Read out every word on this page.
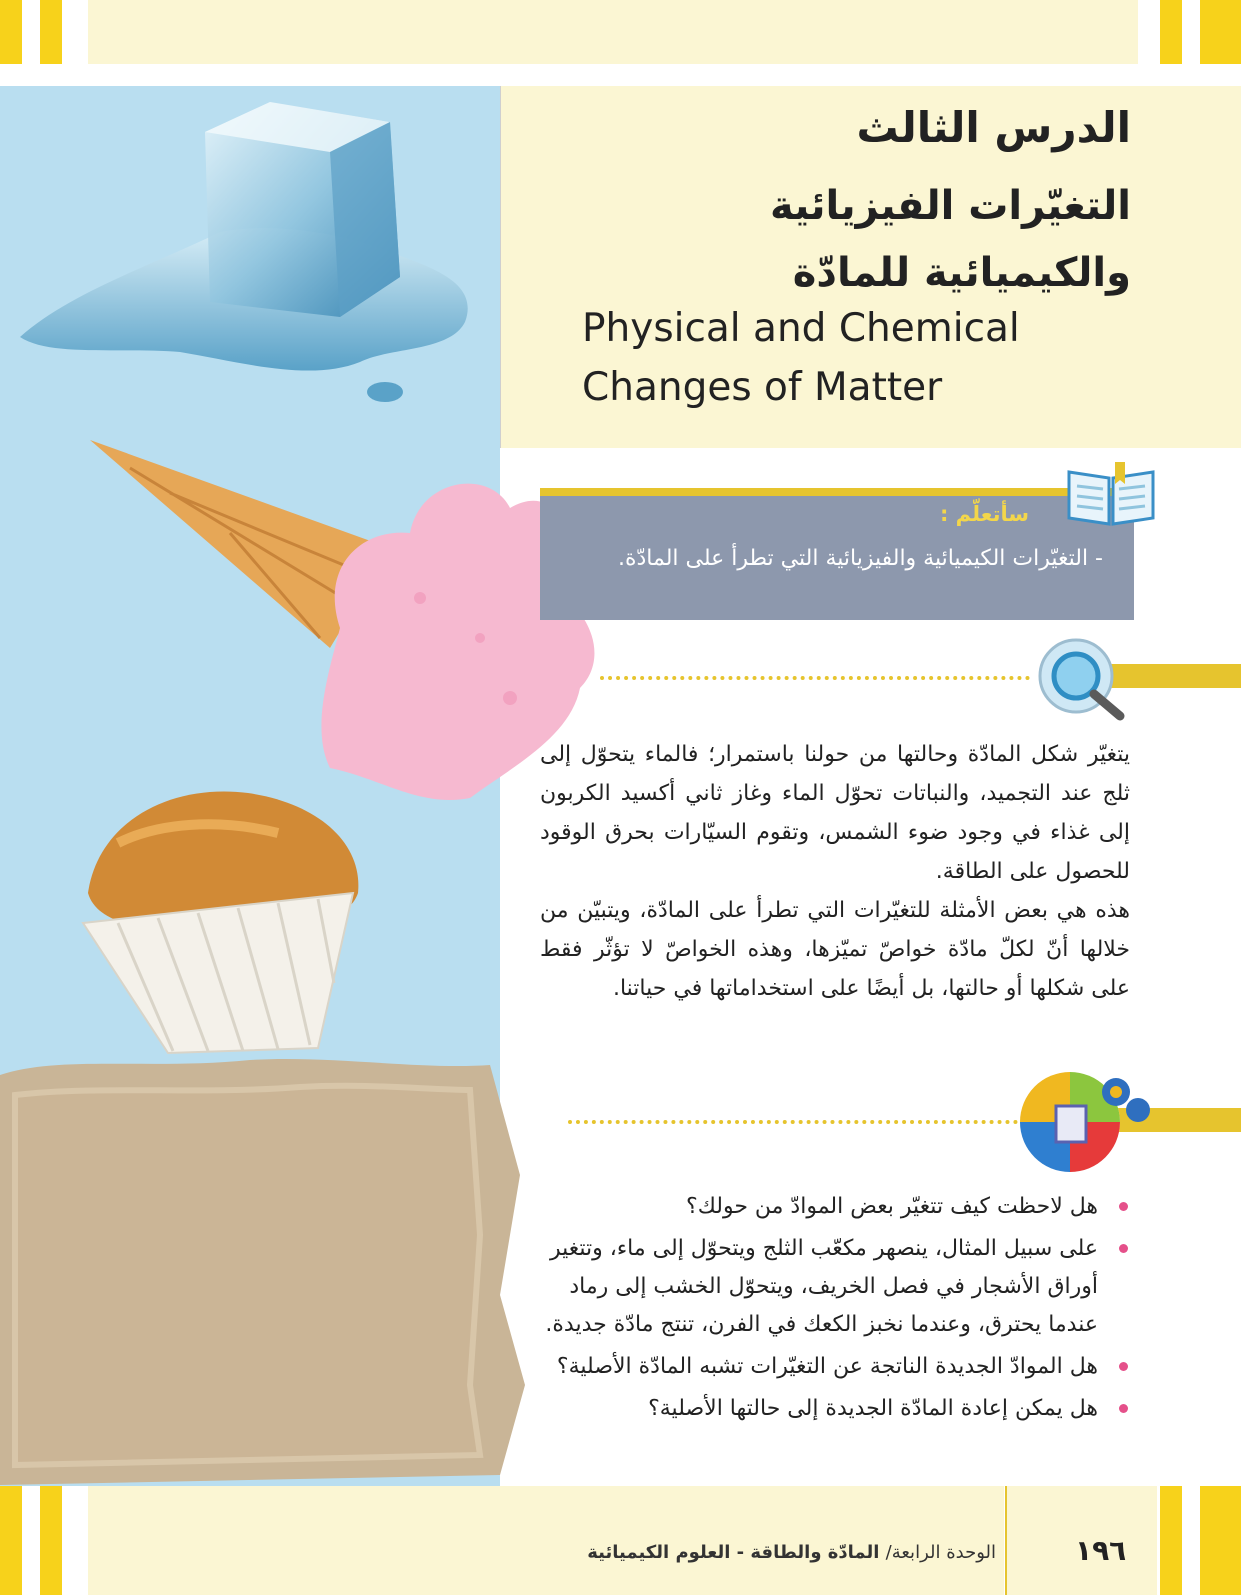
الدرس الثالث
التغيّرات الفيزيائية
والكيميائية للمادّة
Physical and Chemical
Changes of Matter
سأتعلّم :
- التغيّرات الكيميائية والفيزيائية التي تطرأ على المادّة.

يتغيّر شكل المادّة وحالتها من حولنا باستمرار؛ فالماء يتحوّل إلى ثلج عند التجميد، والنباتات تحوّل الماء وغاز ثاني أكسيد الكربون إلى غذاء في وجود ضوء الشمس، وتقوم السيّارات بحرق الوقود للحصول على الطاقة.

هذه هي بعض الأمثلة للتغيّرات التي تطرأ على المادّة، ويتبيّن من خلالها أنّ لكلّ مادّة خواصّ تميّزها، وهذه الخواصّ لا تؤثّر فقط على شكلها أو حالتها، بل أيضًا على استخداماتها في حياتنا.

هل لاحظت كيف تتغيّر بعض الموادّ من حولك؟
على سبيل المثال، ينصهر مكعّب الثلج ويتحوّل إلى ماء، وتتغير أوراق الأشجار في فصل الخريف، ويتحوّل الخشب إلى رماد عندما يحترق، وعندما نخبز الكعك في الفرن، تنتج مادّة جديدة.
هل الموادّ الجديدة الناتجة عن التغيّرات تشبه المادّة الأصلية؟
هل يمكن إعادة المادّة الجديدة إلى حالتها الأصلية؟
الوحدة الرابعة/ المادّة والطاقة - العلوم الكيميائية	١٩٦
